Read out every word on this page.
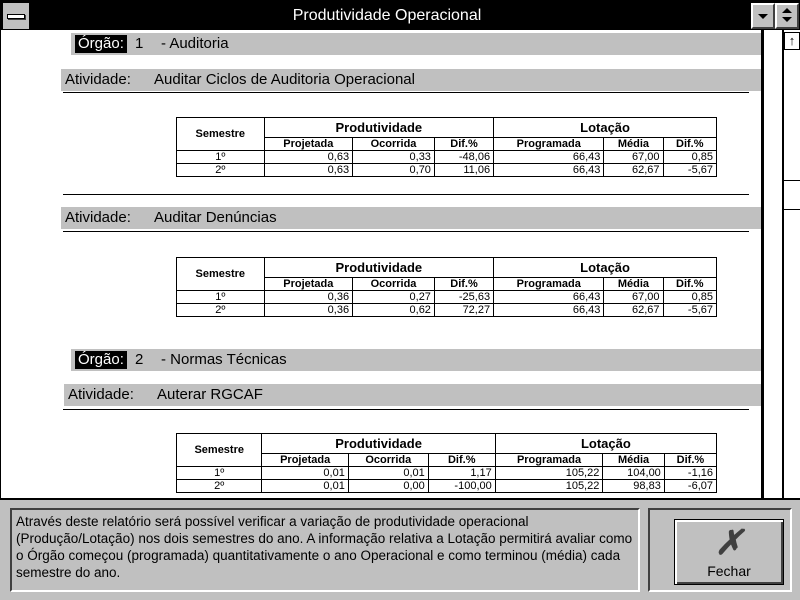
Produtividade Operacional
Órgão: 1 - Auditoria
Atividade: Auditar Ciclos de Auditoria Operacional
Semestre	Produtividade			Lotação		
	Projetada	Ocorrida	Dif.%	Programada	Média	Dif.%
1º	0,63	0,33	-48,06	66,43	67,00	0,85
2º	0,63	0,70	11,06	66,43	62,67	-5,67
Atividade: Auditar Denúncias
Semestre	Produtividade			Lotação		
	Projetada	Ocorrida	Dif.%	Programada	Média	Dif.%
1º	0,36	0,27	-25,63	66,43	67,00	0,85
2º	0,36	0,62	72,27	66,43	62,67	-5,67
Órgão: 2 - Normas Técnicas
Atividade: Auterar RGCAF
Semestre	Produtividade			Lotação		
	Projetada	Ocorrida	Dif.%	Programada	Média	Dif.%
1º	0,01	0,01	1,17	105,22	104,00	-1,16
2º	0,01	0,00	-100,00	105,22	98,83	-6,07
↑
Através deste relatório será possível verificar a variação de produtividade operacional (Produção/Lotação) nos dois semestres do ano. A informação relativa a Lotação permitirá avaliar como o Órgão começou (programada) quantitativamente o ano Operacional e como terminou (média) cada semestre do ano.
✗
Fechar
